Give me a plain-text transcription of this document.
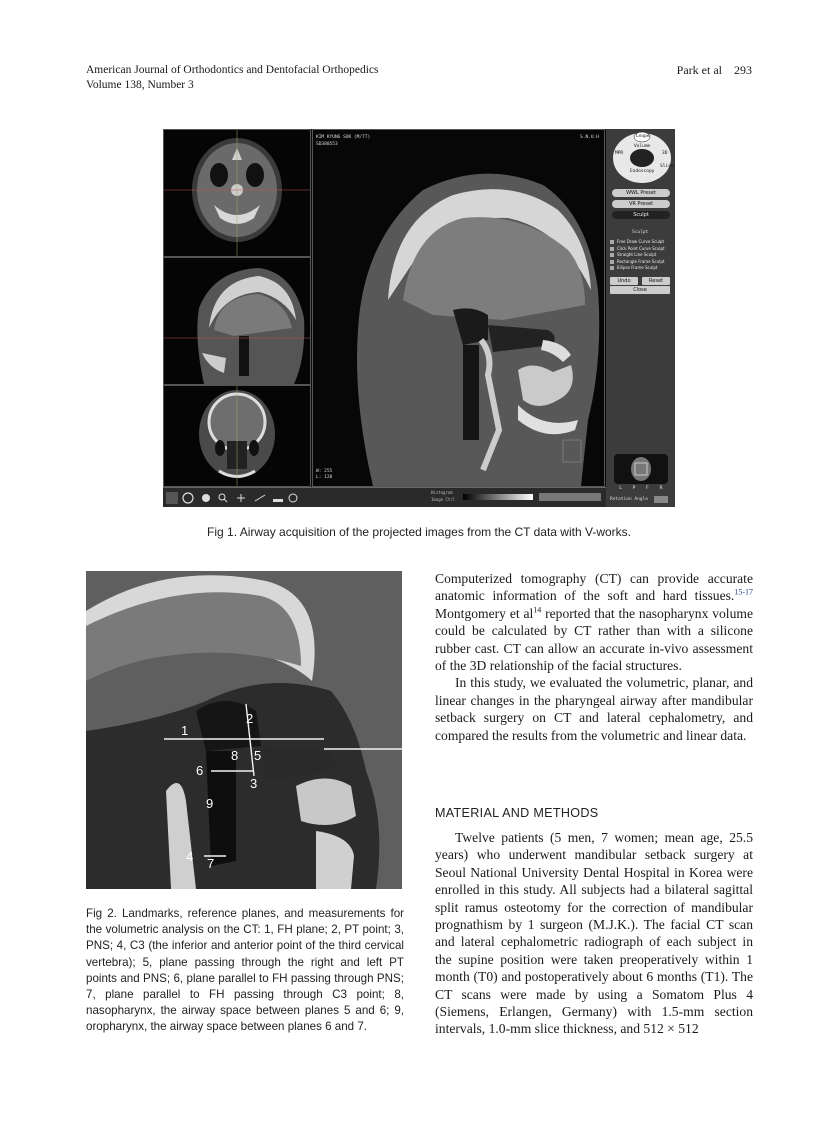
American Journal of Orthodontics and Dentofacial Orthopedics
Volume 138, Number 3
Park et al 293
KIM KYUNG SUK (M/7T)
SD380553
S.N.U.H
W: 255
L: 128
Loupe
Volume
MPR	3D
Endoscopy
Slice
WWL Preset
VR Preset
Sculpt
Sculpt
Free Draw Curve Sculpt
Click Point Curve Sculpt
Straight Line Sculpt
Rectangle Frame Sculpt
Ellipse Frame Sculpt
Undo	Reset
Close
L P F R
Rotation Angle
Histogram
Image Ctrl
Fig 1. Airway acquisition of the projected images from the CT data with V-works.
1
2
3
4
5
6
7
8
9
Fig 2. Landmarks, reference planes, and measurements for the volumetric analysis on the CT: 1, FH plane; 2, PT point; 3, PNS; 4, C3 (the inferior and anterior point of the third cervical vertebra); 5, plane passing through the right and left PT points and PNS; 6, plane parallel to FH passing through PNS; 7, plane parallel to FH passing through C3 point; 8, nasopharynx, the airway space between planes 5 and 6; 9, oropharynx, the airway space between planes 6 and 7.

Computerized tomography (CT) can provide accurate anatomic information of the soft and hard tissues.$^{15-17}$ Montgomery et $al^{14}$ reported that the nasopharynx volume could be calculated by CT rather than with a silicone rubber cast. CT can allow an accurate in-vivo assessment of the 3D relationship of the facial structures.

In this study, we evaluated the volumetric, planar, and linear changes in the pharyngeal airway after mandibular setback surgery on CT and lateral cephalometry, and compared the results from the volumetric and linear data.

MATERIAL AND METHODS

Twelve patients (5 men, 7 women; mean age, 25.5 years) who underwent mandibular setback surgery at Seoul National University Dental Hospital in Korea were enrolled in this study. All subjects had a bilateral sagittal split ramus osteotomy for the correction of mandibular prognathism by 1 surgeon (M.J.K.). The facial CT scan and lateral cephalometric radiograph of each subject in the supine position were taken preoperatively within 1 month (T0) and postoperatively about 6 months (T1). The CT scans were made by using a Somatom Plus 4 (Siemens, Erlangen, Germany) with 1.5-mm section intervals, 1.0-mm slice thickness, and 512 × 512
